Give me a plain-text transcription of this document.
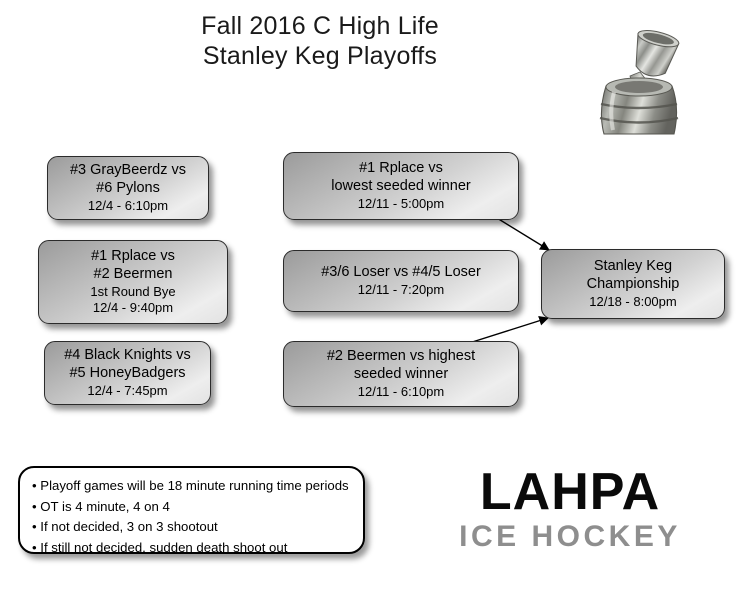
Fall 2016 C High Life
Stanley Keg Playoffs
#3 GrayBeerdz vs
#6 Pylons
12/4 - 6:10pm
#1 Rplace vs
#2 Beermen
1st Round Bye
12/4 - 9:40pm
#4 Black Knights vs
#5 HoneyBadgers
12/4 - 7:45pm
#1 Rplace vs
lowest seeded winner
12/11 - 5:00pm
#3/6 Loser vs #4/5 Loser
12/11 - 7:20pm
#2 Beermen vs highest
seeded winner
12/11 - 6:10pm
Stanley Keg
Championship
12/18 - 8:00pm
• Playoff games will be 18 minute running time periods
• OT is 4 minute, 4 on 4
• If not decided, 3 on 3 shootout
• If still not decided, sudden death shoot out
LAHPA
ICE HOCKEY
